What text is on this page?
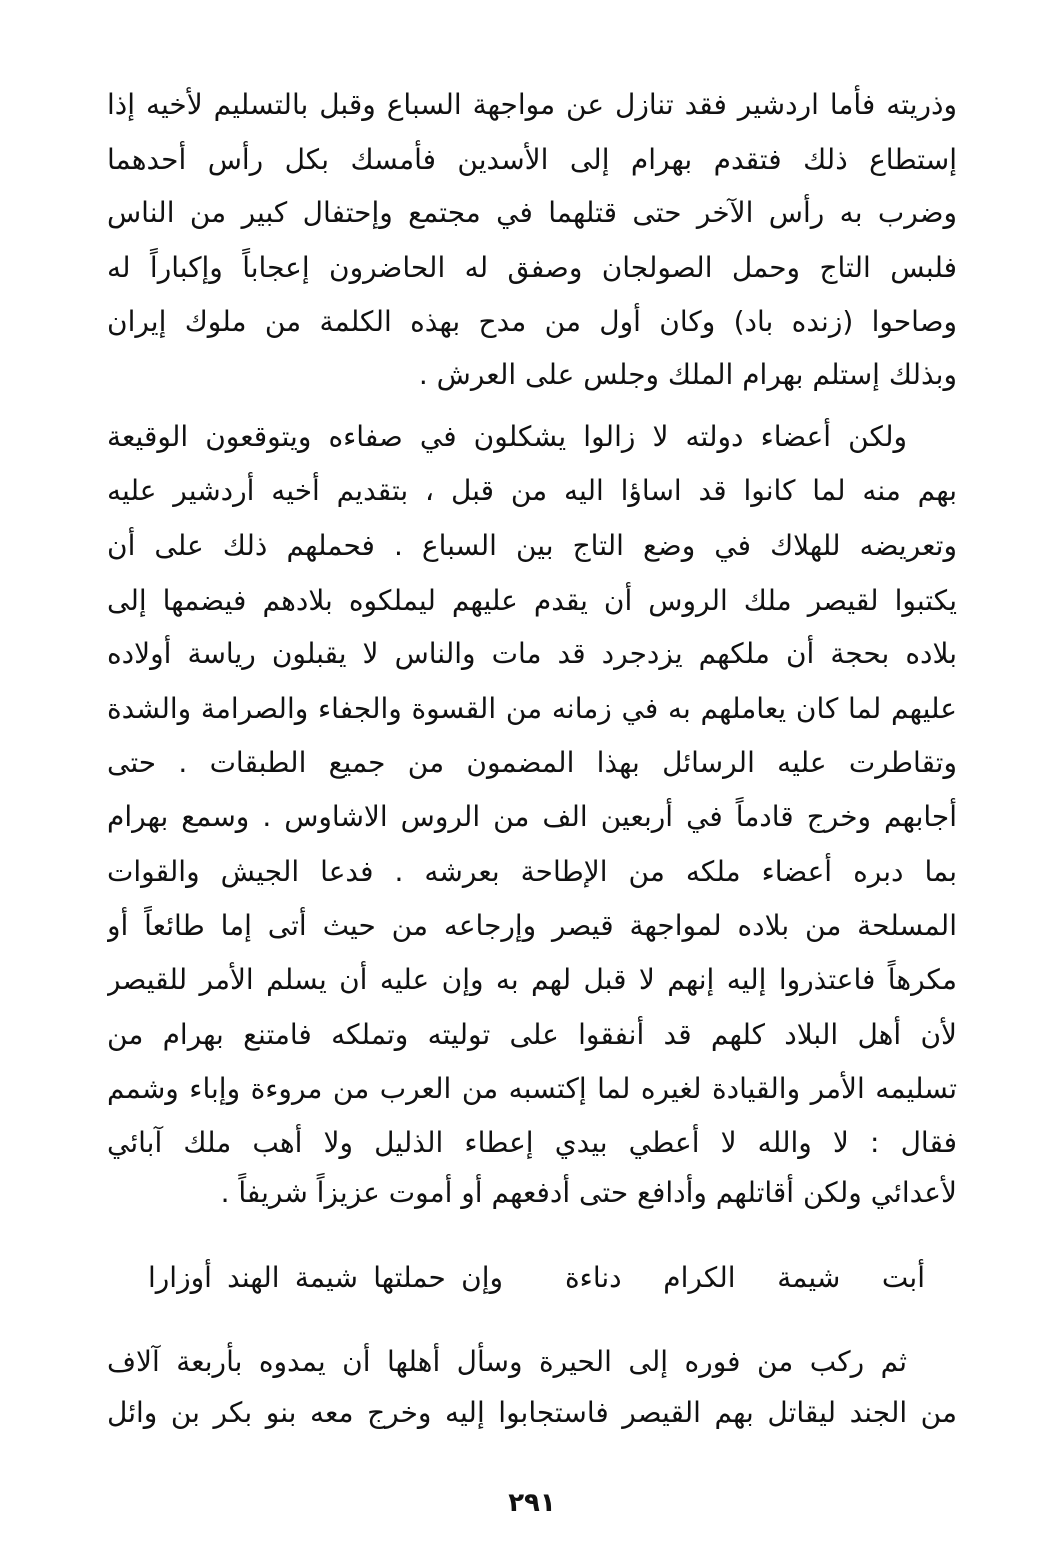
وذريته فأما اردشير فقد تنازل عن مواجهة السباع وقبل بالتسليم لأخيه إذا
إستطاع ذلك فتقدم بهرام إلى الأسدين فأمسك بكل رأس أحدهما
وضرب به رأس الآخر حتى قتلهما في مجتمع وإحتفال كبير من الناس
فلبس التاج وحمل الصولجان وصفق له الحاضرون إعجاباً وإكباراً له
وصاحوا (زنده باد) وكان أول من مدح بهذه الكلمة من ملوك إيران
وبذلك إستلم بهرام الملك وجلس على العرش .
ولكن أعضاء دولته لا زالوا يشكلون في صفاءه ويتوقعون الوقيعة
بهم منه لما كانوا قد اساؤا اليه من قبل ، بتقديم أخيه أردشير عليه
وتعريضه للهلاك في وضع التاج بين السباع . فحملهم ذلك على أن
يكتبوا لقيصر ملك الروس أن يقدم عليهم ليملكوه بلادهم فيضمها إلى
بلاده بحجة أن ملكهم يزدجرد قد مات والناس لا يقبلون رياسة أولاده
عليهم لما كان يعاملهم به في زمانه من القسوة والجفاء والصرامة والشدة
وتقاطرت عليه الرسائل بهذا المضمون من جميع الطبقات . حتى
أجابهم وخرج قادماً في أربعين الف من الروس الاشاوس . وسمع بهرام
بما دبره أعضاء ملكه من الإطاحة بعرشه . فدعا الجيش والقوات
المسلحة من بلاده لمواجهة قيصر وإرجاعه من حيث أتى إما طائعاً أو
مكرهاً فاعتذروا إليه إنهم لا قبل لهم به وإن عليه أن يسلم الأمر للقيصر
لأن أهل البلاد كلهم قد أنفقوا على توليته وتملكه فامتنع بهرام من
تسليمه الأمر والقيادة لغيره لما إكتسبه من العرب من مروءة وإباء وشمم
فقال : لا والله لا أعطي بيدي إعطاء الذليل ولا أهب ملك آبائي
لأعدائي ولكن أقاتلهم وأدافع حتى أدفعهم أو أموت عزيزاً شريفاً .
أبت شيمة الكرام دناءة
وإن حملتها شيمة الهند أوزارا
ثم ركب من فوره إلى الحيرة وسأل أهلها أن يمدوه بأربعة آلاف
من الجند ليقاتل بهم القيصر فاستجابوا إليه وخرج معه بنو بكر بن وائل
٢٩١
